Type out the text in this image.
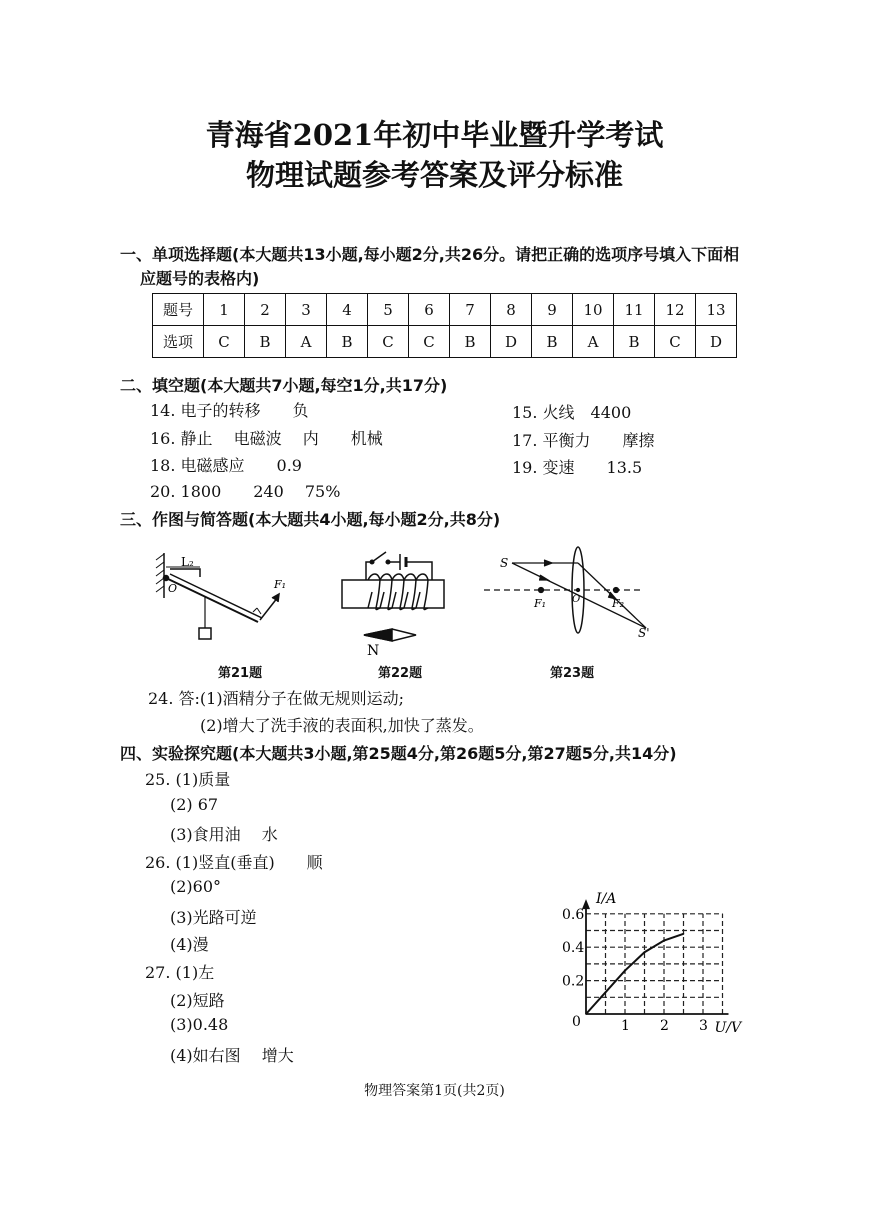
青海省2021年初中毕业暨升学考试
物理试题参考答案及评分标准
一、单项选择题(本大题共13小题,每小题2分,共26分。请把正确的选项序号填入下面相
应题号的表格内)
题号	1	2	3	4	5	6	7	8	9	10	11	12	13
选项	C	B	A	B	C	C	B	D	B	A	B	C	D
二、填空题(本大题共7小题,每空1分,共17分)
14. 电子的转移　　负	15. 火线　4400
16. 静止　 电磁波　 内　　机械	17. 平衡力　　摩擦
18. 电磁感应　　0.9	19. 变速　　13.5
20. 1800　　240　 75%
三、作图与简答题(本大题共4小题,每小题2分,共8分)
L₂
O	F₁
N
S
O
F₁	F₂
S'
1 2 3
0.2
0.4
0.6
0
I/A
U/V
第21题	第22题	第23题
24. 答:(1)酒精分子在做无规则运动;
(2)增大了洗手液的表面积,加快了蒸发。
四、实验探究题(本大题共3小题,第25题4分,第26题5分,第27题5分,共14分)
25. (1)质量
(2) 67
(3)食用油　 水
26. (1)竖直(垂直)　　顺
(2)60°
(3)光路可逆
(4)漫
27. (1)左
(2)短路
(3)0.48
(4)如右图　 增大
物理答案第1页(共2页)
